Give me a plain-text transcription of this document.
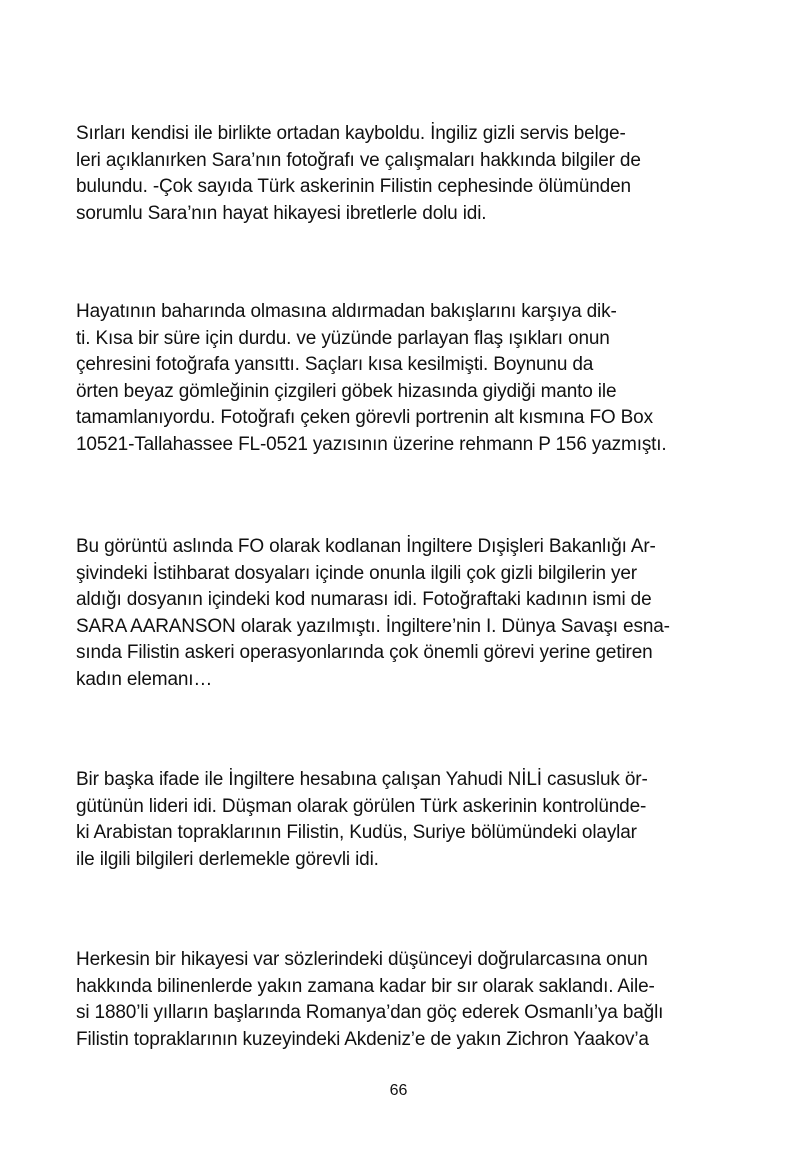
Sırları kendisi ile birlikte ortadan kayboldu. İngiliz gizli servis belge-
leri açıklanırken Sara’nın fotoğrafı ve çalışmaları hakkında bilgiler de
bulundu. -Çok sayıda Türk askerinin Filistin cephesinde ölümünden
sorumlu Sara’nın hayat hikayesi ibretlerle dolu idi.
Hayatının baharında olmasına aldırmadan bakışlarını karşıya dik-
ti. Kısa bir süre için durdu. ve yüzünde parlayan flaş ışıkları onun
çehresini fotoğrafa yansıttı. Saçları kısa kesilmişti. Boynunu da
örten beyaz gömleğinin çizgileri göbek hizasında giydiği manto ile
tamamlanıyordu. Fotoğrafı çeken görevli portrenin alt kısmına FO Box
10521-Tallahassee FL-0521 yazısının üzerine rehmann P 156 yazmıştı.
Bu görüntü aslında FO olarak kodlanan İngiltere Dışişleri Bakanlığı Ar-
şivindeki İstihbarat dosyaları içinde onunla ilgili çok gizli bilgilerin yer
aldığı dosyanın içindeki kod numarası idi. Fotoğraftaki kadının ismi de
SARA AARANSON olarak yazılmıştı. İngiltere’nin I. Dünya Savaşı esna-
sında Filistin askeri operasyonlarında çok önemli görevi yerine getiren
kadın elemanı…
Bir başka ifade ile İngiltere hesabına çalışan Yahudi NİLİ casusluk ör-
gütünün lideri idi. Düşman olarak görülen Türk askerinin kontrolünde-
ki Arabistan topraklarının Filistin, Kudüs, Suriye bölümündeki olaylar
ile ilgili bilgileri derlemekle görevli idi.
Herkesin bir hikayesi var sözlerindeki düşünceyi doğrularcasına onun
hakkında bilinenlerde yakın zamana kadar bir sır olarak saklandı. Aile-
si 1880’li yılların başlarında Romanya’dan göç ederek Osmanlı’ya bağlı
Filistin topraklarının kuzeyindeki Akdeniz’e de yakın Zichron Yaakov’a
66
